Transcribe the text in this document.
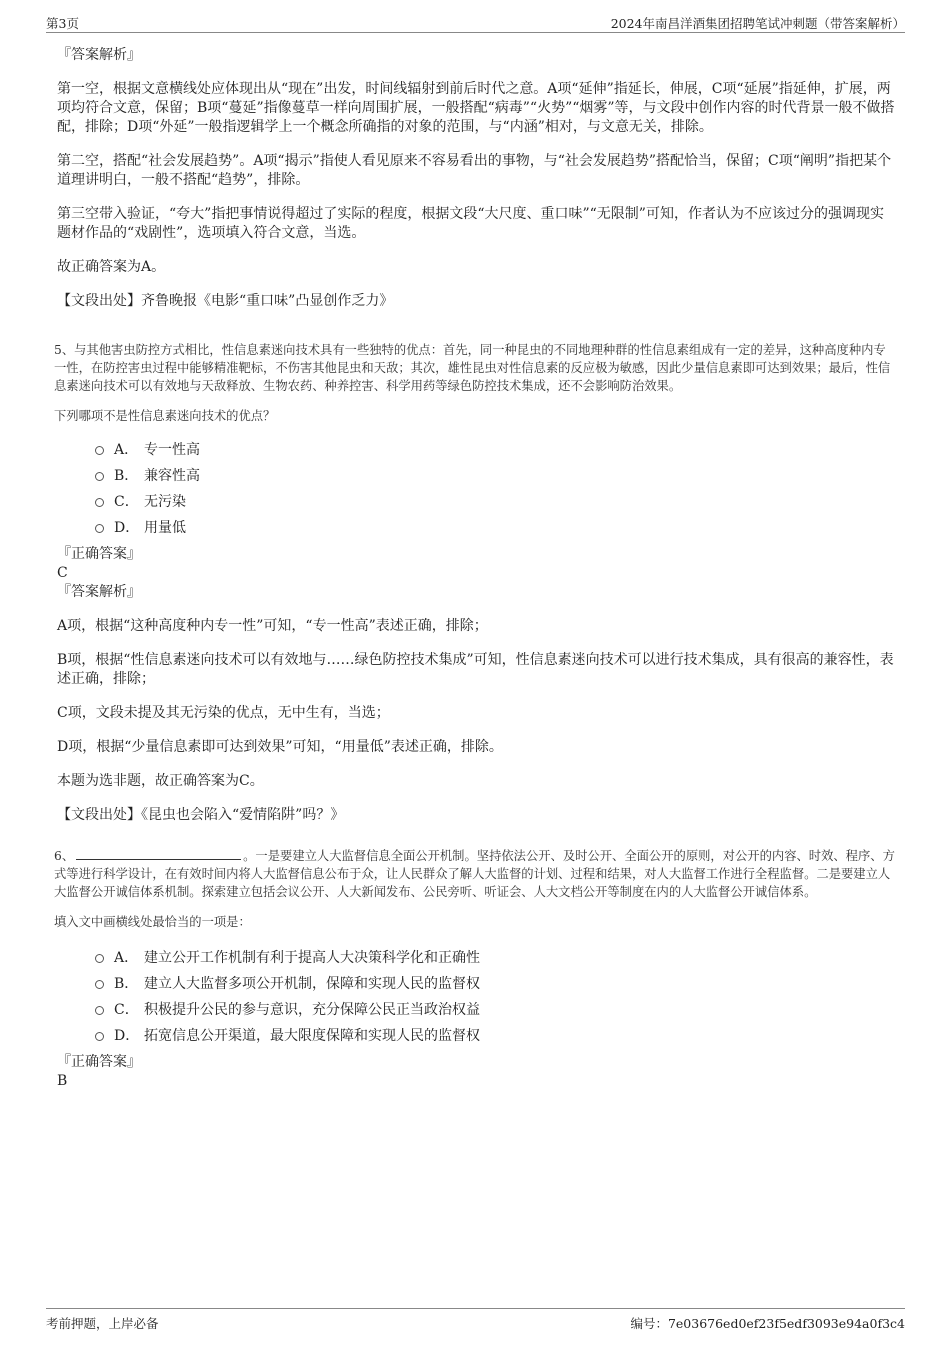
第3页	2024年南昌洋酒集团招聘笔试冲刺题（带答案解析）
『答案解析』

第一空，根据文意横线处应体现出从“现在”出发，时间线辐射到前后时代之意。A项“延伸”指延长，伸展，C项“延展”指延伸，扩展，两项均符合文意，保留；B项“蔓延”指像蔓草一样向周围扩展，一般搭配“病毒”“火势”“烟雾”等，与文段中创作内容的时代背景一般不做搭配，排除；D项“外延”一般指逻辑学上一个概念所确指的对象的范围，与“内涵”相对，与文意无关，排除。

第二空，搭配“社会发展趋势”。A项“揭示”指使人看见原来不容易看出的事物，与“社会发展趋势”搭配恰当，保留；C项“阐明”指把某个道理讲明白，一般不搭配“趋势”，排除。

第三空带入验证，“夸大”指把事情说得超过了实际的程度，根据文段“大尺度、重口味”“无限制”可知，作者认为不应该过分的强调现实题材作品的“戏剧性”，选项填入符合文意，当选。

故正确答案为A。

【文段出处】齐鲁晚报《电影“重口味”凸显创作乏力》

5、与其他害虫防控方式相比，性信息素迷向技术具有一些独特的优点：首先，同一种昆虫的不同地理种群的性信息素组成有一定的差异，这种高度种内专一性，在防控害虫过程中能够精准靶标，不伤害其他昆虫和天敌；其次，雄性昆虫对性信息素的反应极为敏感，因此少量信息素即可达到效果；最后，性信息素迷向技术可以有效地与天敌释放、生物农药、种养控害、科学用药等绿色防控技术集成，还不会影响防治效果。

下列哪项不是性信息素迷向技术的优点？

A． 专一性高
B． 兼容性高
C． 无污染
D． 用量低
『正确答案』
C
『答案解析』

A项，根据“这种高度种内专一性”可知，“专一性高”表述正确，排除；

B项，根据“性信息素迷向技术可以有效地与……绿色防控技术集成”可知，性信息素迷向技术可以进行技术集成，具有很高的兼容性，表述正确，排除；

C项，文段未提及其无污染的优点，无中生有，当选；

D项，根据“少量信息素即可达到效果”可知，“用量低”表述正确，排除。

本题为选非题，故正确答案为C。

【文段出处】《昆虫也会陷入“爱情陷阱”吗？》

6、	。一是要建立人大监督信息全面公开机制。坚持依法公开、及时公开、全面公开的原则，对公开的内容、时效、程序、方式等进行科学设计，在有效时间内将人大监督信息公布于众，让人民群众了解人大监督的计划、过程和结果，对人大监督工作进行全程监督。二是要建立人大监督公开诚信体系机制。探索建立包括会议公开、人大新闻发布、公民旁听、听证会、人大文档公开等制度在内的人大监督公开诚信体系。

填入文中画横线处最恰当的一项是：

A． 建立公开工作机制有利于提高人大决策科学化和正确性
B． 建立人大监督多项公开机制，保障和实现人民的监督权
C． 积极提升公民的参与意识，充分保障公民正当政治权益
D． 拓宽信息公开渠道，最大限度保障和实现人民的监督权
『正确答案』
B
考前押题，上岸必备	编号：7e03676ed0ef23f5edf3093e94a0f3c4
